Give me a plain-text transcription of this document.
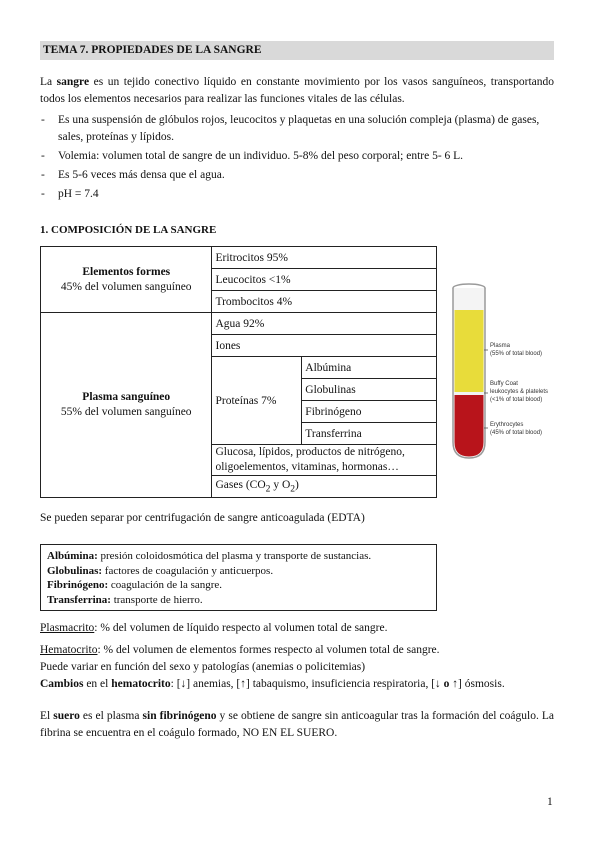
TEMA 7. PROPIEDADES DE LA SANGRE
La sangre es un tejido conectivo líquido en constante movimiento por los vasos sanguíneos, transportando todos los elementos necesarios para realizar las funciones vitales de las células.
- Es una suspensión de glóbulos rojos, leucocitos y plaquetas en una solución compleja (plasma) de gases, sales, proteínas y lípidos.
- Volemia: volumen total de sangre de un individuo. 5-8% del peso corporal; entre 5- 6 L.
- Es 5-6 veces más densa que el agua.
- pH = 7.4
1. COMPOSICIÓN DE LA SANGRE
Elementos formes
45% del volumen sanguíneo	Eritrocitos 95%	
	Leucocitos <1%	
	Trombocitos 4%	
Plasma sanguíneo
55% del volumen sanguíneo	Agua 92%	
	Iones	
	Proteínas 7%	Albúmina
		Globulinas
		Fibrinógeno
		Transferrina
	Glucosa, lípidos, productos de nitrógeno, oligoelementos, vitaminas, hormonas…	
	Gases ($CO_2$ y $O_2$)	
Plasma
(55% of total blood)
Buffy Coat
leukocytes & platelets
(<1% of total blood)
Erythrocytes
(45% of total blood)
Se pueden separar por centrifugación de sangre anticoagulada (EDTA)
Albúmina: presión coloidosmótica del plasma y transporte de sustancias.
Globulinas: factores de coagulación y anticuerpos.
Fibrinógeno: coagulación de la sangre.
Transferrina: transporte de hierro.
Plasmacrito: % del volumen de líquido respecto al volumen total de sangre.
Hematocrito: % del volumen de elementos formes respecto al volumen total de sangre.
Puede variar en función del sexo y patologías (anemias o policitemias)
Cambios en el hematocrito: [↓] anemias, [↑] tabaquismo, insuficiencia respiratoria, [↓ o ↑] ósmosis.
El suero es el plasma sin fibrinógeno y se obtiene de sangre sin anticoagular tras la formación del coágulo. La fibrina se encuentra en el coágulo formado, NO EN EL SUERO.
1
